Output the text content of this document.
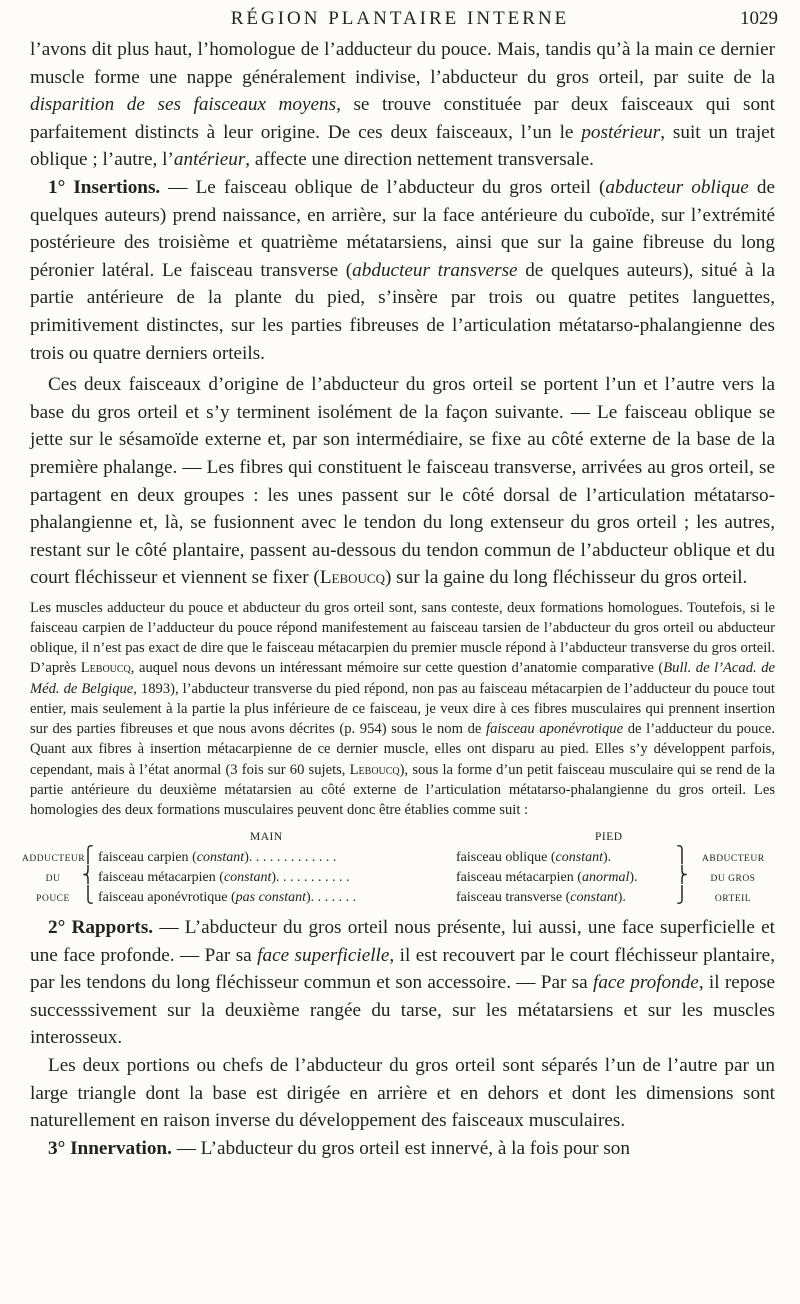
RÉGION PLANTAIRE INTERNE	1029

l’avons dit plus haut, l’homologue de l’adducteur du pouce. Mais, tandis qu’à la main ce dernier muscle forme une nappe généralement indivise, l’abducteur du gros orteil, par suite de la disparition de ses faisceaux moyens, se trouve constituée par deux faisceaux qui sont parfaitement distincts à leur origine. De ces deux faisceaux, l’un le postérieur, suit un trajet oblique ; l’autre, l’antérieur, affecte une direction nettement transversale.

1° Insertions. — Le faisceau oblique de l’abducteur du gros orteil (abducteur oblique de quelques auteurs) prend naissance, en arrière, sur la face antérieure du cuboïde, sur l’extrémité postérieure des troisième et quatrième métatarsiens, ainsi que sur la gaine fibreuse du long péronier latéral. Le faisceau transverse (abducteur transverse de quelques auteurs), situé à la partie antérieure de la plante du pied, s’insère par trois ou quatre petites languettes, primitivement distinctes, sur les parties fibreuses de l’articulation métatarso-phalangienne des trois ou quatre derniers orteils.

Ces deux faisceaux d’origine de l’abducteur du gros orteil se portent l’un et l’autre vers la base du gros orteil et s’y terminent isolément de la façon suivante. — Le faisceau oblique se jette sur le sésamoïde externe et, par son intermédiaire, se fixe au côté externe de la base de la première phalange. — Les fibres qui constituent le faisceau transverse, arrivées au gros orteil, se partagent en deux groupes : les unes passent sur le côté dorsal de l’articulation métatarso-phalangienne et, là, se fusionnent avec le tendon du long extenseur du gros orteil ; les autres, restant sur le côté plantaire, passent au-dessous du tendon commun de l’abducteur oblique et du court fléchisseur et viennent se fixer (Leboucq) sur la gaine du long fléchisseur du gros orteil.

Les muscles adducteur du pouce et abducteur du gros orteil sont, sans conteste, deux formations homologues. Toutefois, si le faisceau carpien de l’adducteur du pouce répond manifestement au faisceau tarsien de l’abducteur du gros orteil ou abducteur oblique, il n’est pas exact de dire que le faisceau métacarpien du premier muscle répond à l’abducteur transverse du gros orteil. D’après Leboucq, auquel nous devons un intéressant mémoire sur cette question d’anatomie comparative (Bull. de l’Acad. de Méd. de Belgique, 1893), l’abducteur transverse du pied répond, non pas au faisceau métacarpien de l’adducteur du pouce tout entier, mais seulement à la partie la plus inférieure de ce faisceau, je veux dire à ces fibres musculaires qui prennent insertion sur des parties fibreuses et que nous avons décrites (p. 954) sous le nom de faisceau aponévrotique de l’adducteur du pouce. Quant aux fibres à insertion métacarpienne de ce dernier muscle, elles ont disparu au pied. Elles s’y développent parfois, cependant, mais à l’état anormal (3 fois sur 60 sujets, Leboucq), sous la forme d’un petit faisceau musculaire qui se rend de la partie antérieure du deuxième métatarsien au côté externe de l’articulation métatarso-phalangienne du gros orteil. Les homologies des deux formations musculaires peuvent donc être établies comme suit :

MAIN	PIED
ADDUCTEUR
DU
POUCE
⎧
⎨
⎩
faisceau carpien (constant). . . . . . . . . . . . .
faisceau métacarpien (constant). . . . . . . . . . .
faisceau aponévrotique (pas constant). . . . . . .
faisceau oblique (constant).
faisceau métacarpien (anormal).
faisceau transverse (constant).
⎫
⎬
⎭
ABDUCTEUR
DU GROS
ORTEIL

2° Rapports. — L’abducteur du gros orteil nous présente, lui aussi, une face superficielle et une face profonde. — Par sa face superficielle, il est recouvert par le court fléchisseur plantaire, par les tendons du long fléchisseur commun et son accessoire. — Par sa face profonde, il repose successsivement sur la deuxième rangée du tarse, sur les métatarsiens et sur les muscles interosseux.

Les deux portions ou chefs de l’abducteur du gros orteil sont séparés l’un de l’autre par un large triangle dont la base est dirigée en arrière et en dehors et dont les dimensions sont naturellement en raison inverse du développement des faisceaux musculaires.

3° Innervation. — L’abducteur du gros orteil est innervé, à la fois pour son
